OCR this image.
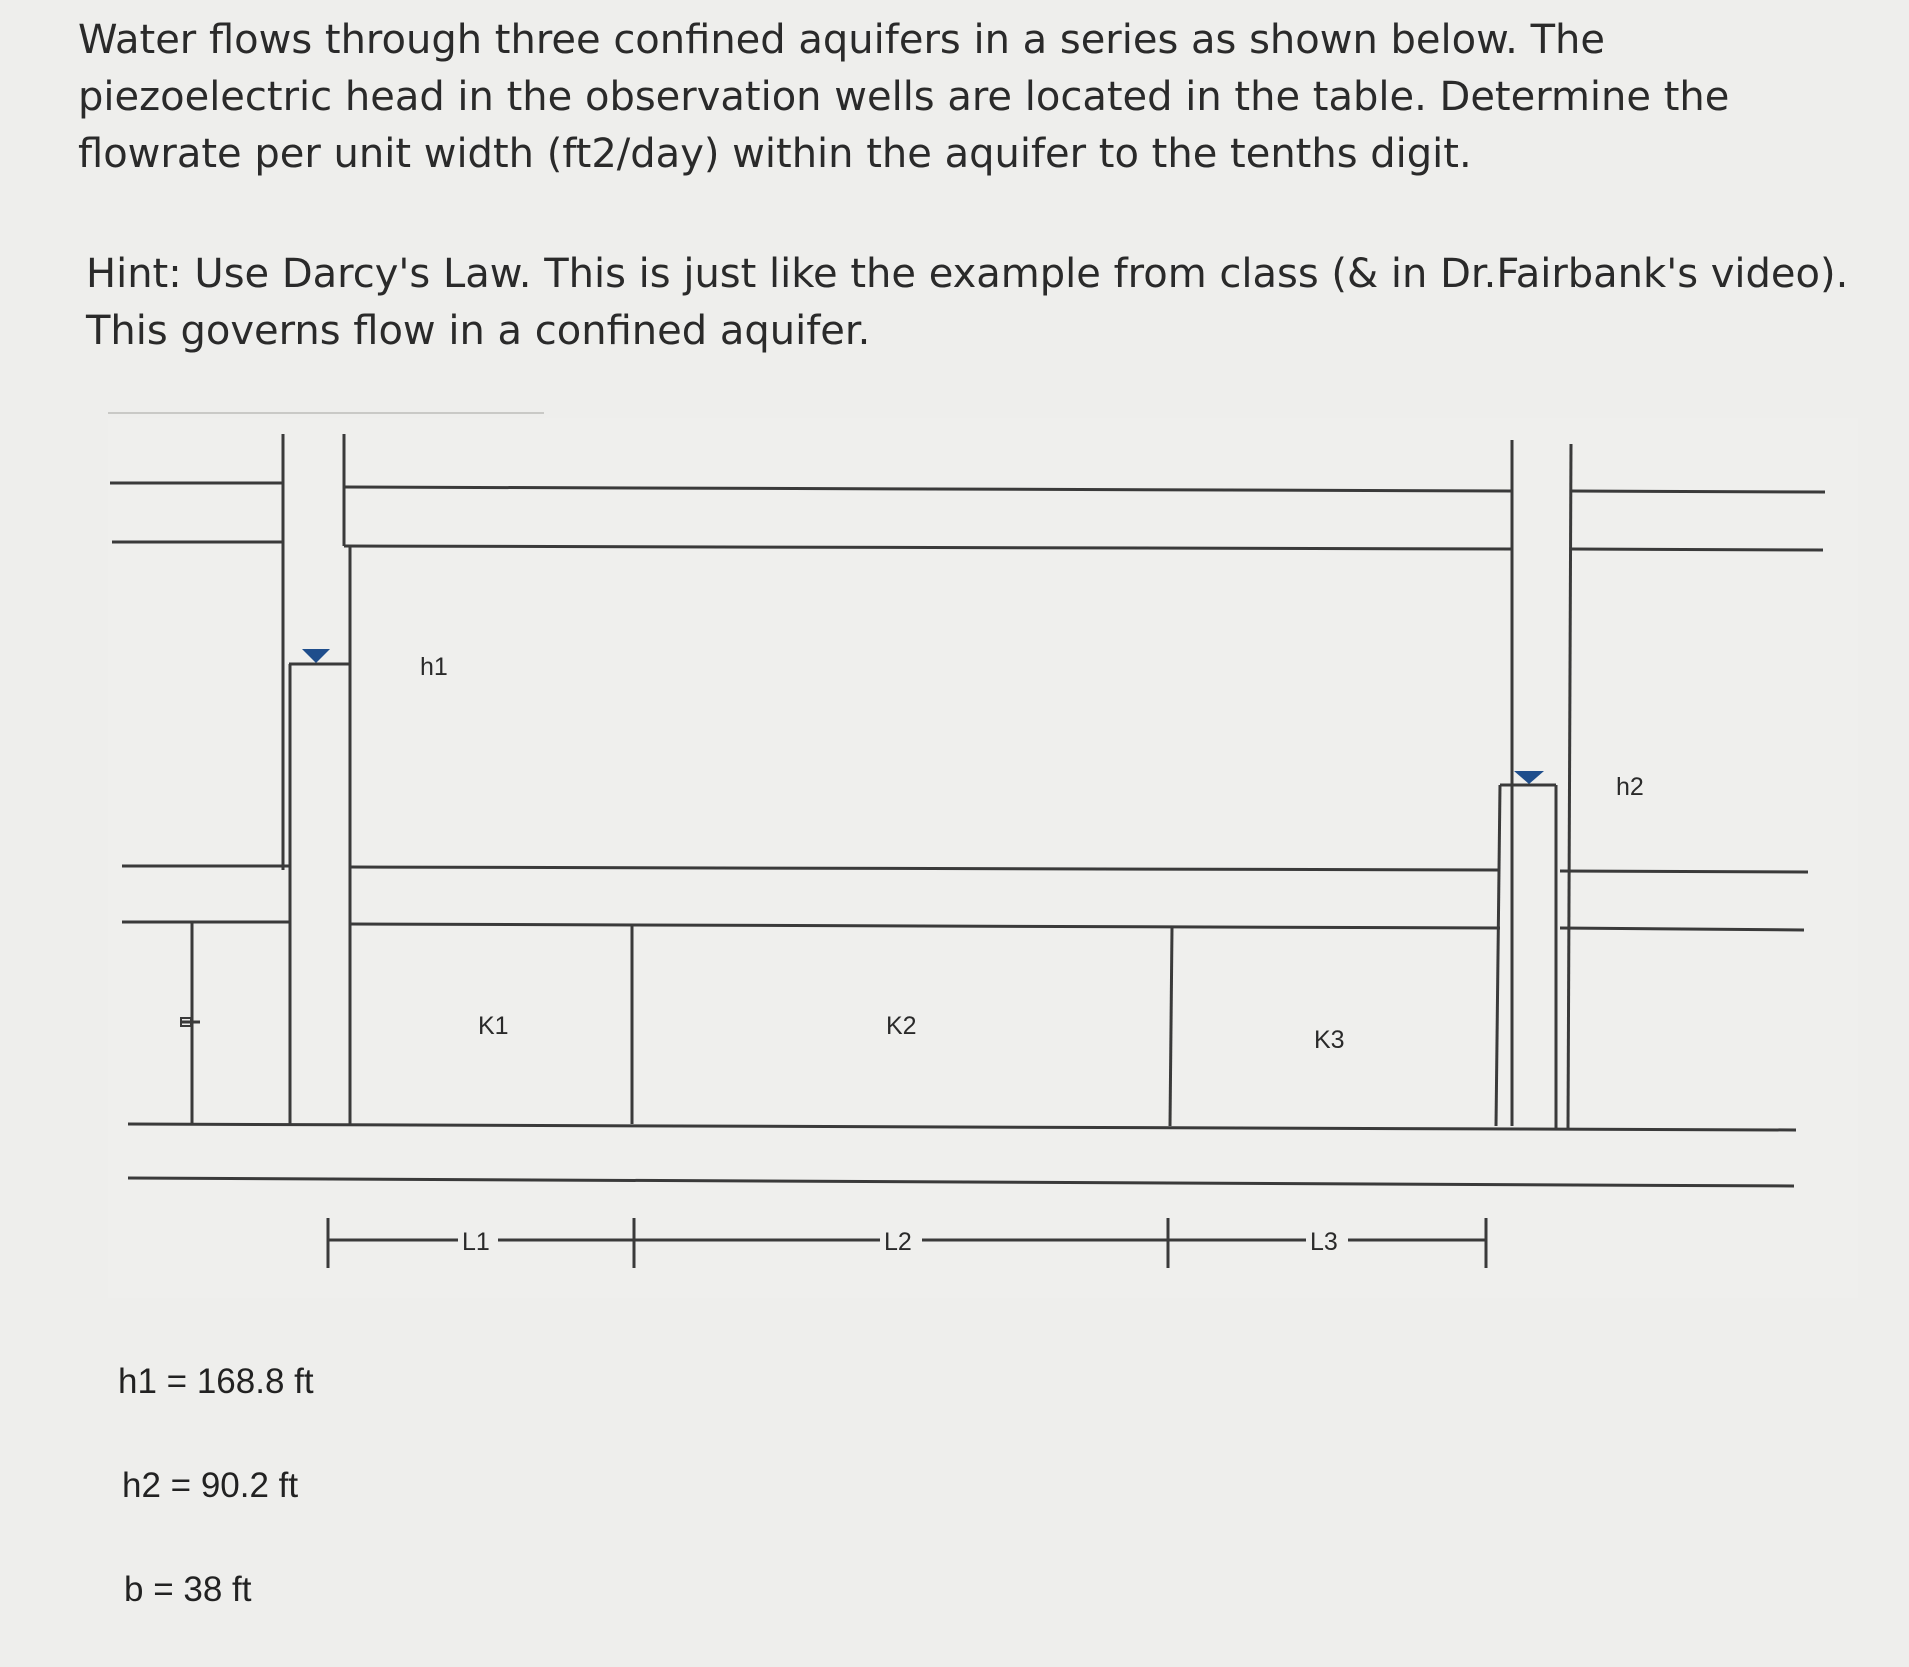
Water flows through three confined aquifers in a series as shown below. The piezoelectric head in the observation wells are located in the table. Determine the flowrate per unit width (ft2/day) within the aquifer to the tenths digit.

Hint: Use Darcy's Law. This is just like the example from class (& in Dr.Fairbank's video). This governs flow in a confined aquifer.

h1
h2
K1	K2	K3
L1	L2	L3

h1 = 168.8 ft

h2 = 90.2 ft

b = 38 ft
